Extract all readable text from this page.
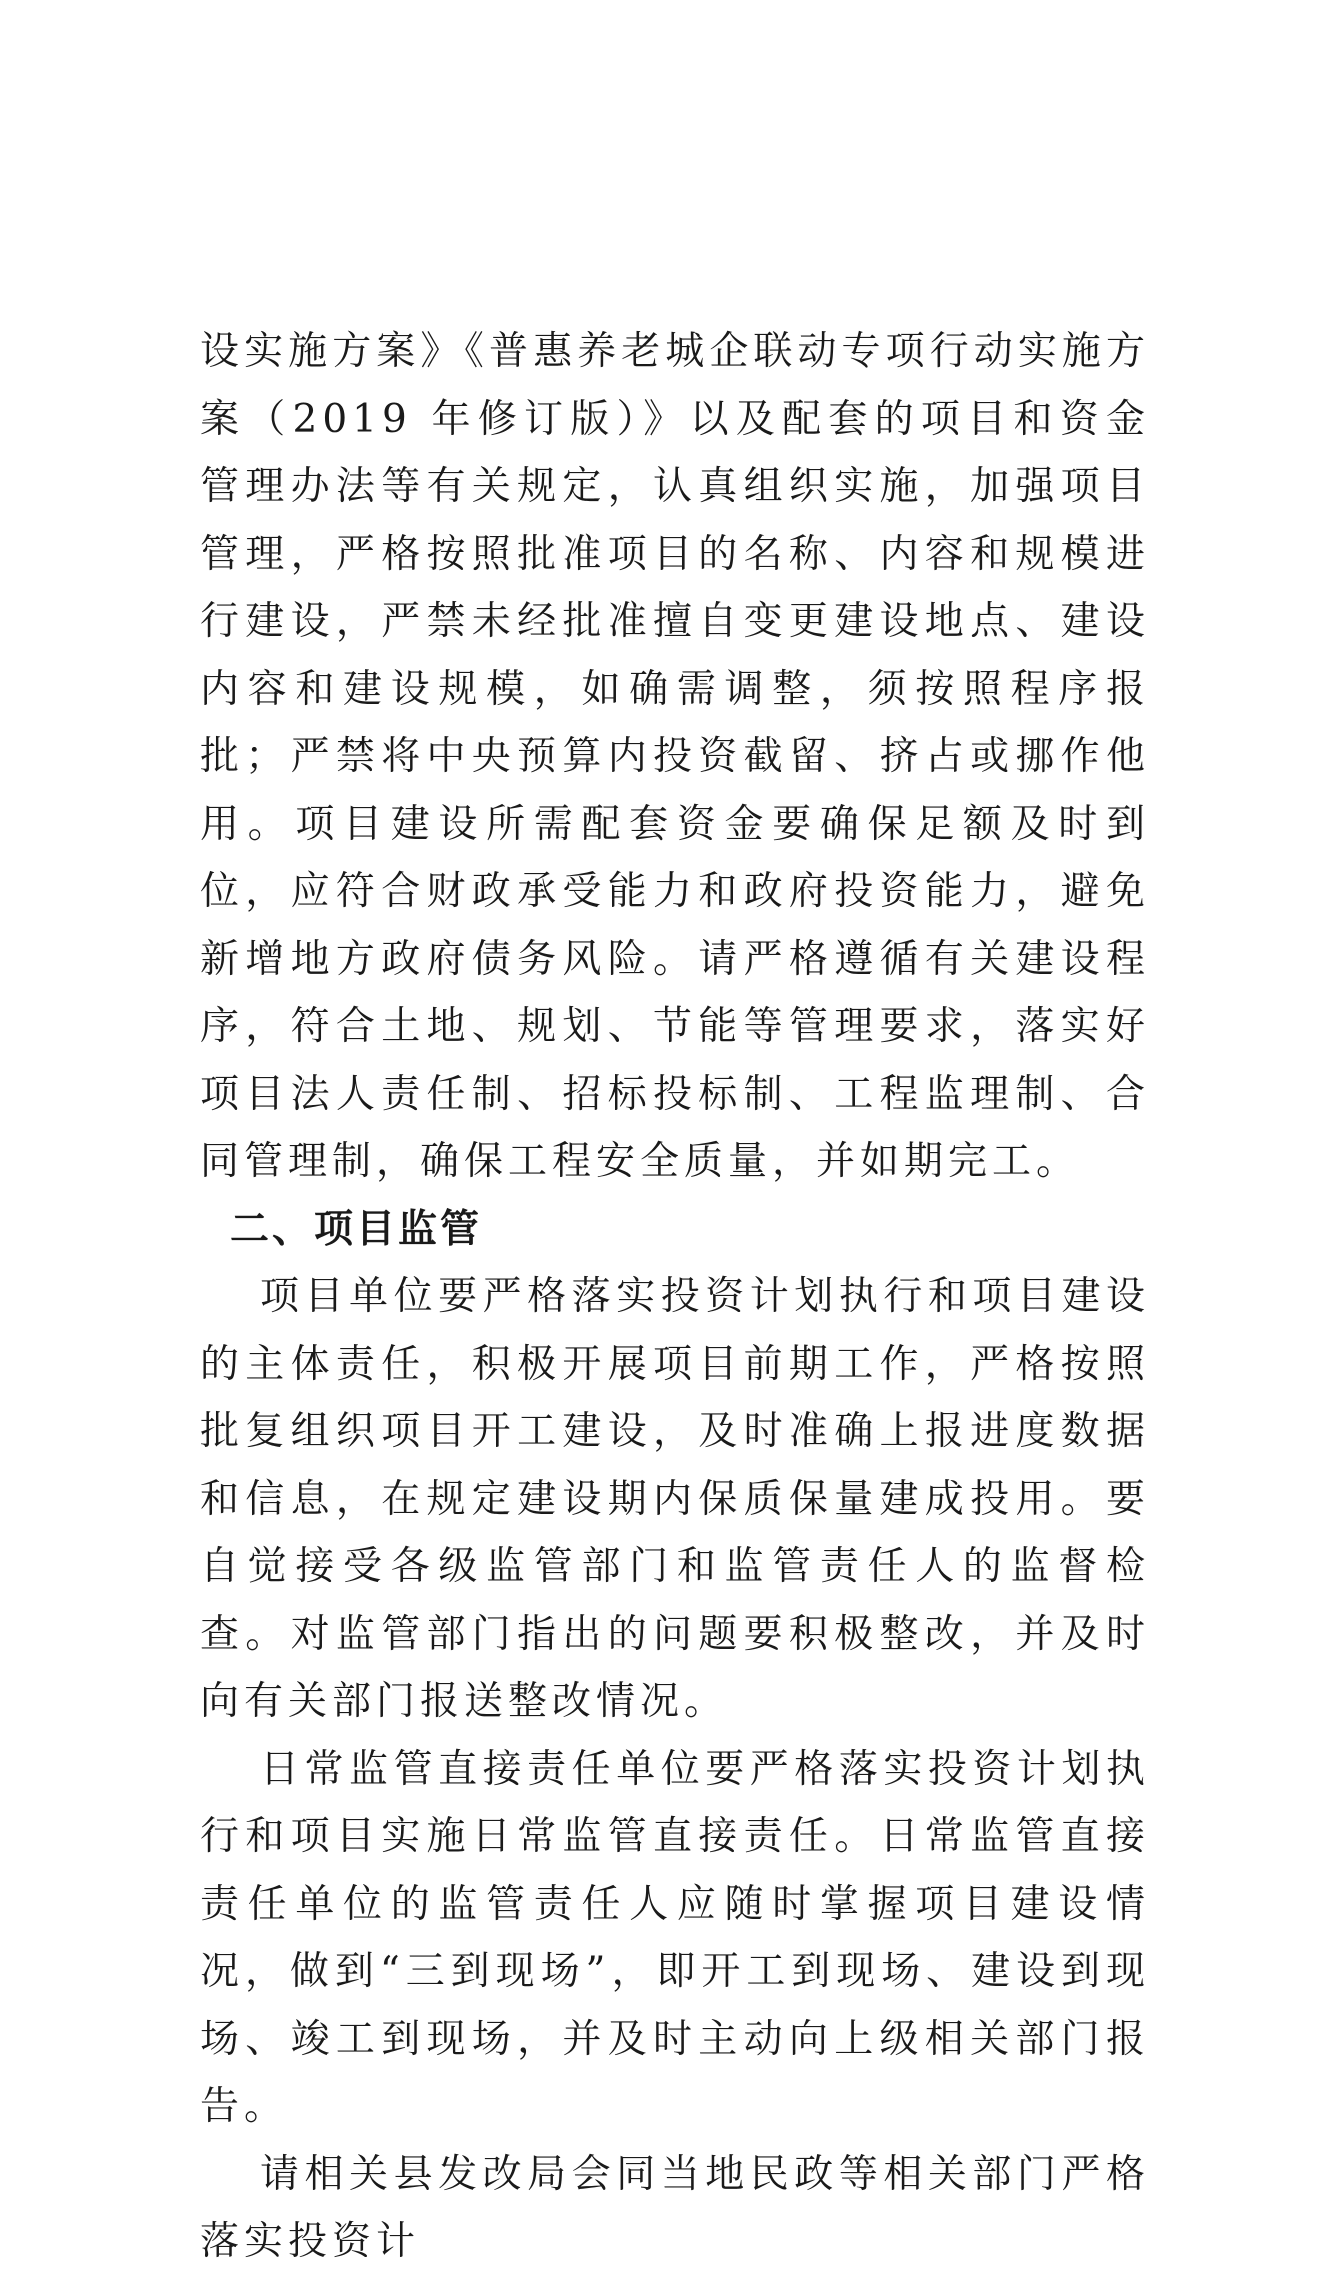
设实施方案》《普惠养老城企联动专项行动实施方案（2019 年修订版）》以及配套的项目和资金管理办法等有关规定，认真组织实施，加强项目管理，严格按照批准项目的名称、内容和规模进行建设，严禁未经批准擅自变更建设地点、建设内容和建设规模，如确需调整，须按照程序报批；严禁将中央预算内投资截留、挤占或挪作他用。项目建设所需配套资金要确保足额及时到位，应符合财政承受能力和政府投资能力，避免新增地方政府债务风险。请严格遵循有关建设程序，符合土地、规划、节能等管理要求，落实好项目法人责任制、招标投标制、工程监理制、合同管理制，确保工程安全质量，并如期完工。

二、项目监管

项目单位要严格落实投资计划执行和项目建设的主体责任，积极开展项目前期工作，严格按照批复组织项目开工建设，及时准确上报进度数据和信息，在规定建设期内保质保量建成投用。要自觉接受各级监管部门和监管责任人的监督检查。对监管部门指出的问题要积极整改，并及时向有关部门报送整改情况。

日常监管直接责任单位要严格落实投资计划执行和项目实施日常监管直接责任。日常监管直接责任单位的监管责任人应随时掌握项目建设情况，做到“三到现场”，即开工到现场、建设到现场、竣工到现场，并及时主动向上级相关部门报告。

请相关县发改局会同当地民政等相关部门严格落实投资计
